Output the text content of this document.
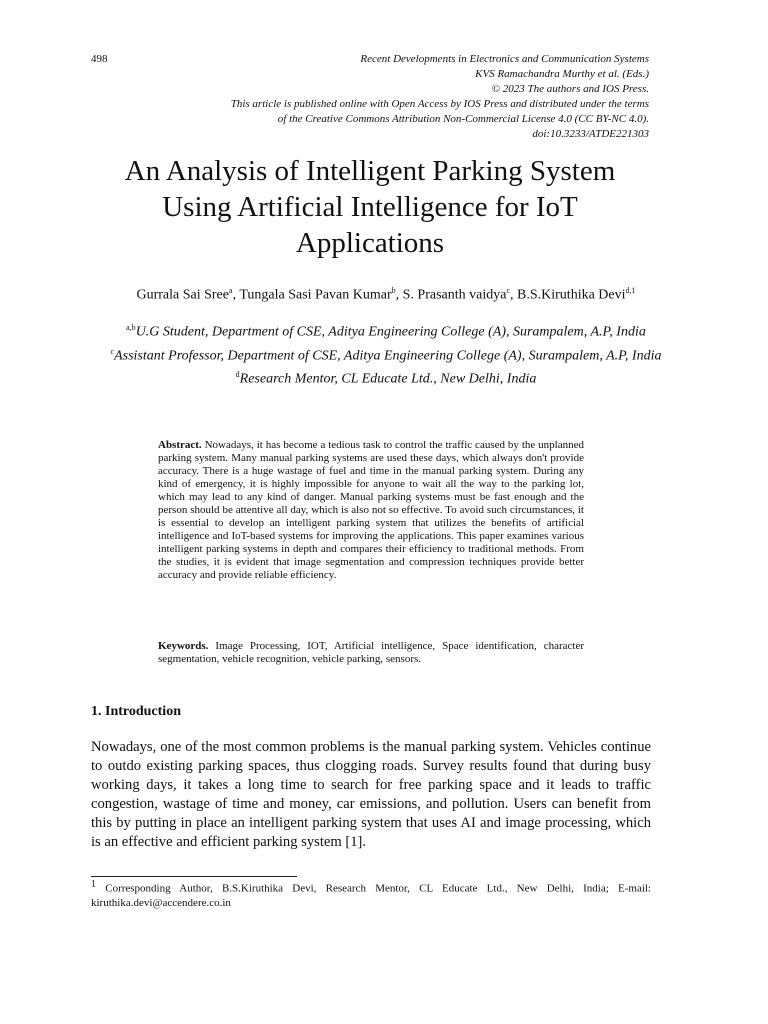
498	Recent Developments in Electronics and Communication Systems
KVS Ramachandra Murthy et al. (Eds.)
© 2023 The authors and IOS Press.
This article is published online with Open Access by IOS Press and distributed under the terms
of the Creative Commons Attribution Non-Commercial License 4.0 (CC BY-NC 4.0).
doi:10.3233/ATDE221303
An Analysis of Intelligent Parking System
Using Artificial Intelligence for IoT
Applications
Gurrala Sai Sree$^a$, Tungala Sasi Pavan Kumar$^b$, S. Prasanth vaidya$^c$, B.S.Kiruthika Devi$^{d,1}$
$^{a,b}$U.G Student, Department of CSE, Aditya Engineering College (A), Surampalem, A.P, India
$^c$Assistant Professor, Department of CSE, Aditya Engineering College (A), Surampalem, A.P, India
$^d$Research Mentor, CL Educate Ltd., New Delhi, India
Abstract. Nowadays, it has become a tedious task to control the traffic caused by the unplanned parking system. Many manual parking systems are used these days, which always don't provide accuracy. There is a huge wastage of fuel and time in the manual parking system. During any kind of emergency, it is highly impossible for anyone to wait all the way to the parking lot, which may lead to any kind of danger. Manual parking systems must be fast enough and the person should be attentive all day, which is also not so effective. To avoid such circumstances, it is essential to develop an intelligent parking system that utilizes the benefits of artificial intelligence and IoT-based systems for improving the applications. This paper examines various intelligent parking systems in depth and compares their efficiency to traditional methods. From the studies, it is evident that image segmentation and compression techniques provide better accuracy and provide reliable efficiency.
Keywords. Image Processing, IOT, Artificial intelligence, Space identification, character segmentation, vehicle recognition, vehicle parking, sensors.
1. Introduction
Nowadays, one of the most common problems is the manual parking system. Vehicles continue to outdo existing parking spaces, thus clogging roads. Survey results found that during busy working days, it takes a long time to search for free parking space and it leads to traffic congestion, wastage of time and money, car emissions, and pollution. Users can benefit from this by putting in place an intelligent parking system that uses AI and image processing, which is an effective and efficient parking system [1].
$^1$ Corresponding Author, B.S.Kiruthika Devi, Research Mentor, CL Educate Ltd., New Delhi, India; E-mail: kiruthika.devi@accendere.co.in
